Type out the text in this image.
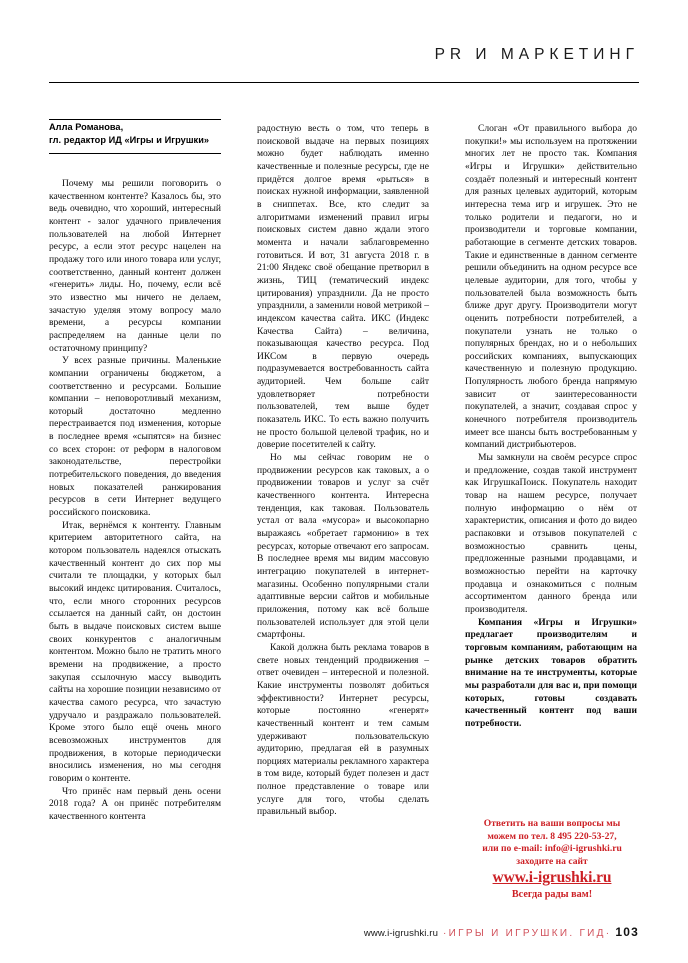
PR И МАРКЕТИНГ
Алла Романова,
гл. редактор ИД «Игры и Игрушки»

Почему мы решили поговорить о качественном контенте? Казалось бы, это ведь очевидно, что хороший, интересный контент - залог удачного привлечения пользователей на любой Интернет ресурс, а если этот ресурс нацелен на продажу того или иного товара или услуг, соответственно, данный контент должен «генерить» лиды. Но, почему, если всё это известно мы ничего не делаем, зачастую уделяя этому вопросу мало времени, а ресурсы компании распределяем на данные цели по остаточному принципу?

У всех разные причины. Маленькие компании ограничены бюджетом, а соответственно и ресурсами. Большие компании – неповоротливый механизм, который достаточно медленно перестраивается под изменения, которые в последнее время «сыпятся» на бизнес со всех сторон: от реформ в налоговом законодательстве, перестройки потребительского поведения, до введения новых показателей ранжирования ресурсов в сети Интернет ведущего российского поисковика.

Итак, вернёмся к контенту. Главным критерием авторитетного сайта, на котором пользователь надеялся отыскать качественный контент до сих пор мы считали те площадки, у которых был высокий индекс цитирования. Считалось, что, если много сторонних ресурсов ссылается на данный сайт, он достоин быть в выдаче поисковых систем выше своих конкурентов с аналогичным контентом. Можно было не тратить много времени на продвижение, а просто закупая ссылочную массу выводить сайты на хорошие позиции независимо от качества самого ресурса, что зачастую удручало и раздражало пользователей. Кроме этого было ещё очень много всевозможных инструментов для продвижения, в которые периодически вносились изменения, но мы сегодня говорим о контенте.

Что принёс нам первый день осени 2018 года? А он принёс потребителям качественного контента

радостную весть о том, что теперь в поисковой выдаче на первых позициях можно будет наблюдать именно качественные и полезные ресурсы, где не придётся долгое время «рыться» в поисках нужной информации, заявленной в сниппетах. Все, кто следит за алгоритмами изменений правил игры поисковых систем давно ждали этого момента и начали заблаговременно готовиться. И вот, 31 августа 2018 г. в 21:00 Яндекс своё обещание претворил в жизнь, ТИЦ (тематический индекс цитирования) упразднили. Да не просто упразднили, а заменили новой метрикой – индексом качества сайта. ИКС (Индекс Качества Сайта) – величина, показывающая качество ресурса. Под ИКСом в первую очередь подразумевается востребованность сайта аудиторией. Чем больше сайт удовлетворяет потребности пользователей, тем выше будет показатель ИКС. То есть важно получить не просто большой целевой трафик, но и доверие посетителей к сайту.

Но мы сейчас говорим не о продвижении ресурсов как таковых, а о продвижении товаров и услуг за счёт качественного контента. Интересна тенденция, как таковая. Пользователь устал от вала «мусора» и высокопарно выражаясь «обретает гармонию» в тех ресурсах, которые отвечают его запросам. В последнее время мы видим массовую интеграцию покупателей в интернет-магазины. Особенно популярными стали адаптивные версии сайтов и мобильные приложения, потому как всё больше пользователей использует для этой цели смартфоны.

Какой должна быть реклама товаров в свете новых тенденций продвижения – ответ очевиден – интересной и полезной. Какие инструменты позволят добиться эффективности? Интернет ресурсы, которые постоянно «генерят» качественный контент и тем самым удерживают пользовательскую аудиторию, предлагая ей в разумных порциях материалы рекламного характера в том виде, который будет полезен и даст полное представление о товаре или услуге для того, чтобы сделать правильный выбор.

Слоган «От правильного выбора до покупки!» мы используем на протяжении многих лет не просто так. Компания «Игры и Игрушки» действительно создаёт полезный и интересный контент для разных целевых аудиторий, которым интересна тема игр и игрушек. Это не только родители и педагоги, но и производители и торговые компании, работающие в сегменте детских товаров. Такие и единственные в данном сегменте решили объединить на одном ресурсе все целевые аудитории, для того, чтобы у пользователей была возможность быть ближе друг другу. Производители могут оценить потребности потребителей, а покупатели узнать не только о популярных брендах, но и о небольших российских компаниях, выпускающих качественную и полезную продукцию. Популярность любого бренда напрямую зависит от заинтересованности покупателей, а значит, создавая спрос у конечного потребителя производитель имеет все шансы быть востребованным у компаний дистрибьютеров.

Мы замкнули на своём ресурсе спрос и предложение, создав такой инструмент как ИгрушкаПоиск. Покупатель находит товар на нашем ресурсе, получает полную информацию о нём от характеристик, описания и фото до видео распаковки и отзывов покупателей с возможностью сравнить цены, предложенные разными продавцами, и возможностью перейти на карточку продавца и ознакомиться с полным ассортиментом данного бренда или производителя.

Компания «Игры и Игрушки» предлагает производителям и торговым компаниям, работающим на рынке детских товаров обратить внимание на те инструменты, которые мы разработали для вас и, при помощи которых, готовы создавать качественный контент под ваши потребности.

Ответить на ваши вопросы мы
можем по тел. 8 495 220-53-27,
или по e-mail: info@i-igrushki.ru
заходите на сайт
www.i-igrushki.ru
Всегда рады вам!
www.i-igrushki.ru ·ИГРЫ И ИГРУШКИ. ГИД· 103
